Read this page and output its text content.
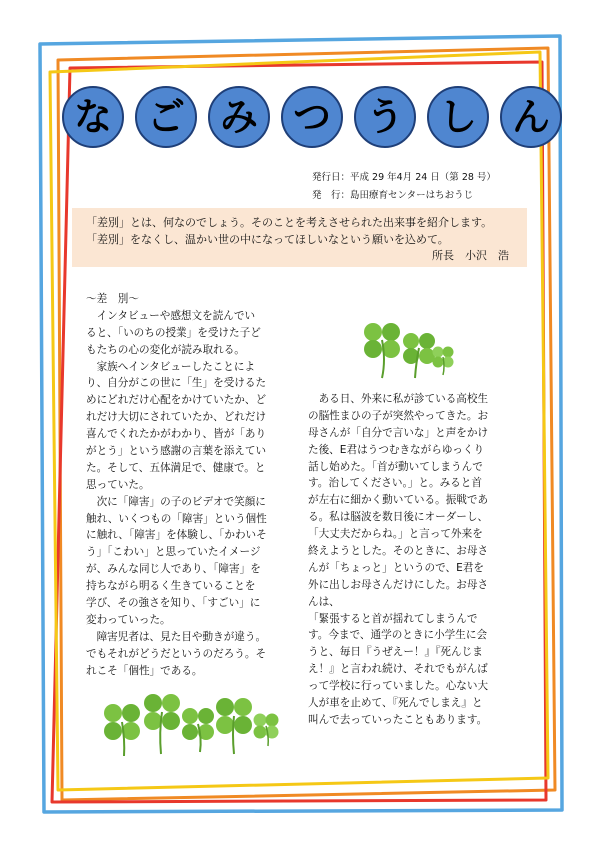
な ご み つ う し ん
発行日：平成 29 年4月 24 日（第 28 号）
発　行：島田療育センターはちおうじ
「差別」とは、何なのでしょう。そのことを考えさせられた出来事を紹介します。
「差別」をなくし、温かい世の中になってほしいなという願いを込めて。
所長　小沢　浩
～差　別～
　インタビューや感想文を読んでい
ると、「いのちの授業」を受けた子ど
もたちの心の変化が読み取れる。
　家族へインタビューしたことによ
り、自分がこの世に「生」を受けるた
めにどれだけ心配をかけていたか、ど
れだけ大切にされていたか、どれだけ
喜んでくれたかがわかり、皆が「あり
がとう」という感謝の言葉を添えてい
た。そして、五体満足で、健康で。と
思っていた。
　次に「障害」の子のビデオで笑顔に
触れ、いくつもの「障害」という個性
に触れ、「障害」を体験し、「かわいそ
う」「こわい」と思っていたイメージ
が、みんな同じ人であり、「障害」を
持ちながら明るく生きていることを
学び、その強さを知り、「すごい」に
変わっていった。
　障害児者は、見た目や動きが違う。
でもそれがどうだというのだろう。そ
れこそ「個性」である。
　ある日、外来に私が診ている高校生
の脳性まひの子が突然やってきた。お
母さんが「自分で言いな」と声をかけ
た後、E君はうつむきながらゆっくり
話し始めた。「首が動いてしまうんで
す。治してください。」と。みると首
が左右に細かく動いている。振戦であ
る。私は脳波を数日後にオーダーし、
「大丈夫だからね。」と言って外来を
終えようとした。そのときに、お母さ
んが「ちょっと」というので、E君を
外に出しお母さんだけにした。お母さ
んは、
「緊張すると首が揺れてしまうんで
す。今まで、通学のときに小学生に会
うと、毎日『うぜえー！』『死んじま
え！』と言われ続け、それでもがんば
って学校に行っていました。心ない大
人が車を止めて、『死んでしまえ』と
叫んで去っていったこともあります。
